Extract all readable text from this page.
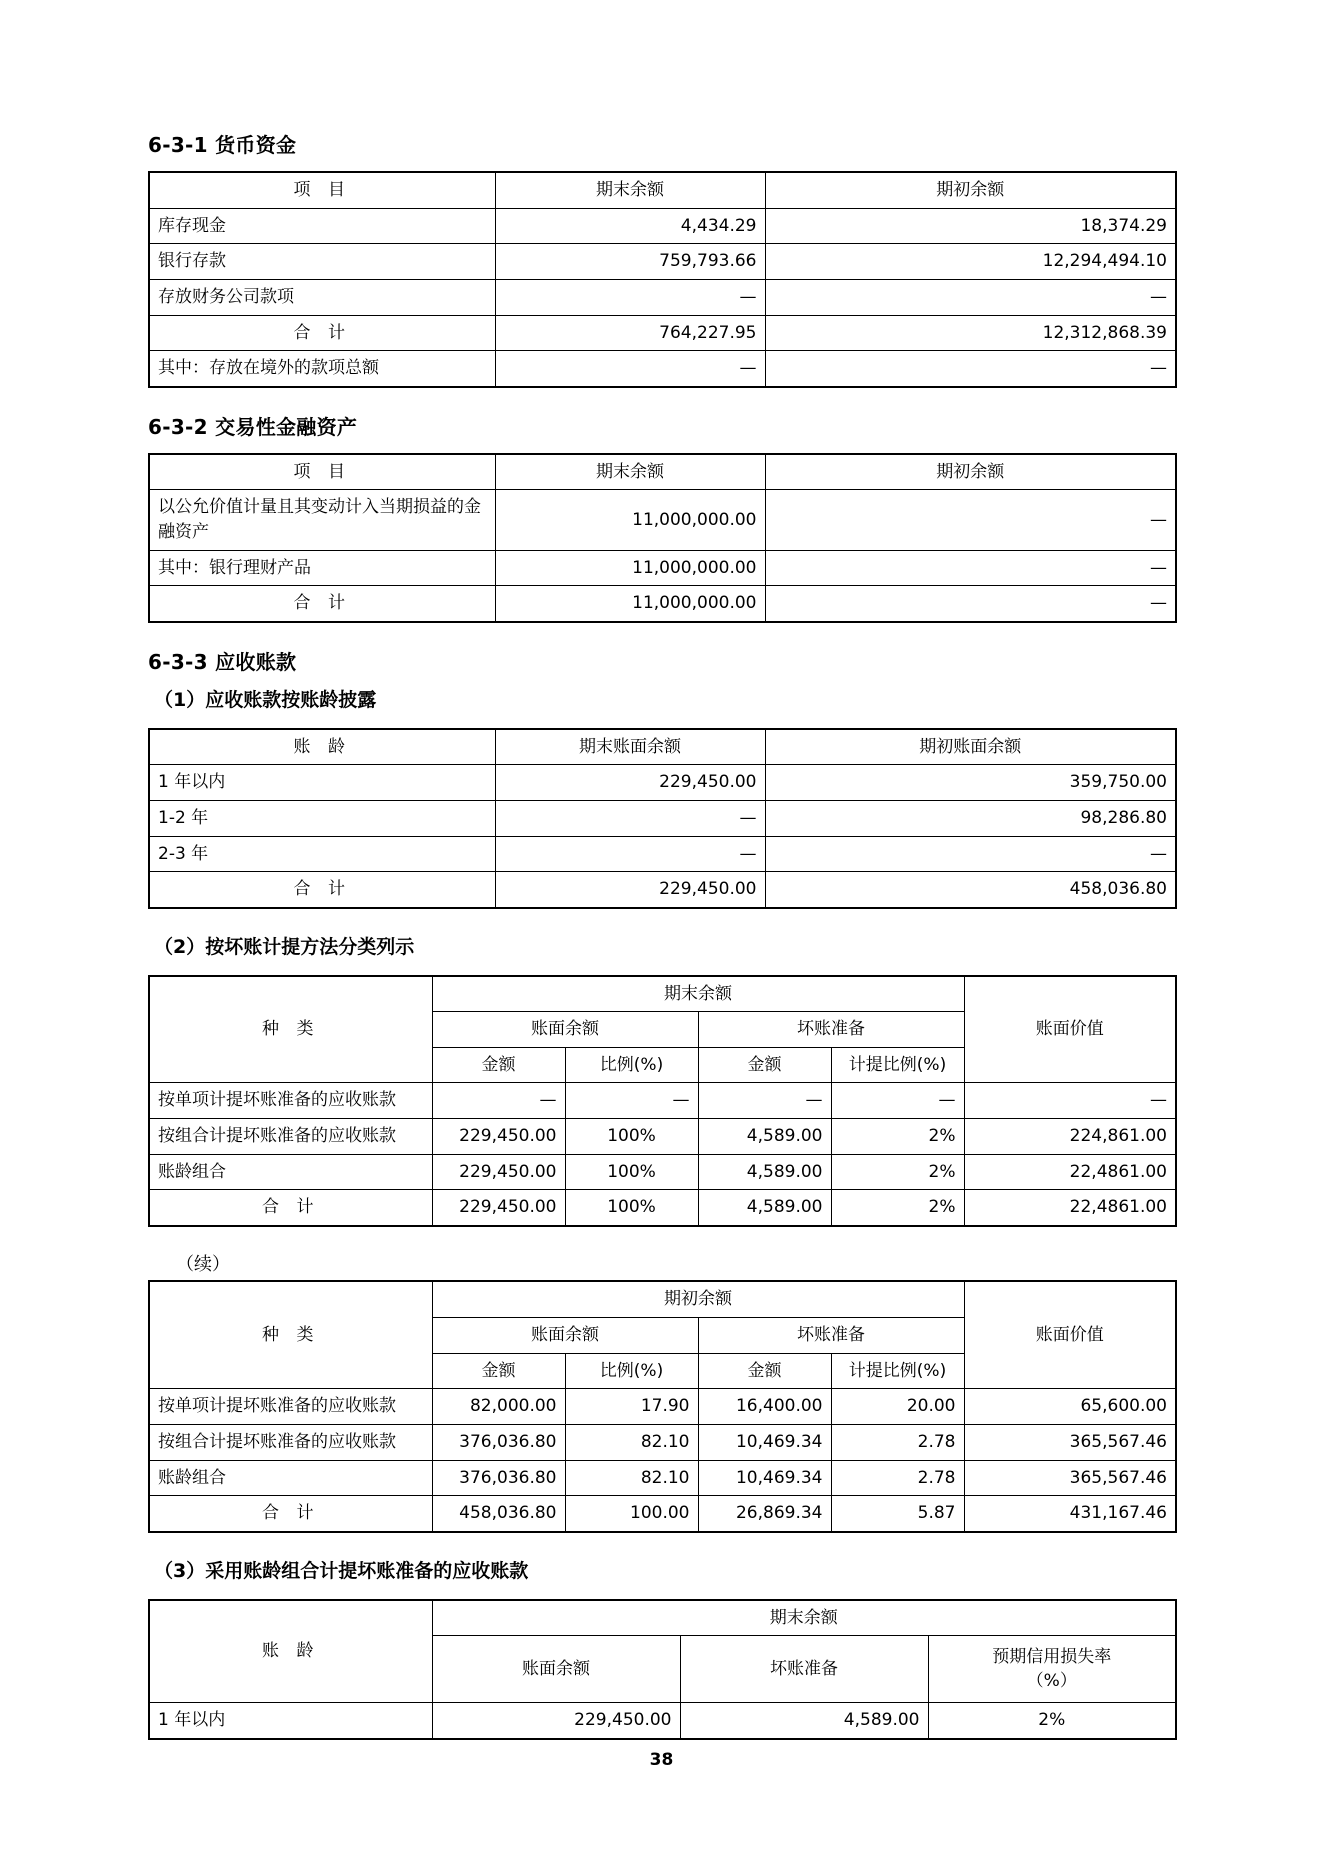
6-3-1 货币资金
项 目	期末余额	期初余额
库存现金	4,434.29	18,374.29
银行存款	759,793.66	12,294,494.10
存放财务公司款项	—	—
合 计	764,227.95	12,312,868.39
其中：存放在境外的款项总额	—	—
6-3-2 交易性金融资产
项 目	期末余额	期初余额
以公允价值计量且其变动计入当期损益的金融资产	11,000,000.00	—
其中：银行理财产品	11,000,000.00	—
合 计	11,000,000.00	—
6-3-3 应收账款

（1）应收账款按账龄披露

账 龄	期末账面余额	期初账面余额
1 年以内	229,450.00	359,750.00
1-2 年	—	98,286.80
2-3 年	—	—
合 计	229,450.00	458,036.80

（2）按坏账计提方法分类列示

种 类	期末余额				账面价值
	账面余额		坏账准备		
	金额	比例(%)	金额	计提比例(%)	
按单项计提坏账准备的应收账款	—	—	—	—	—
按组合计提坏账准备的应收账款	229,450.00	100%	4,589.00	2%	224,861.00
账龄组合	229,450.00	100%	4,589.00	2%	22,4861.00
合 计	229,450.00	100%	4,589.00	2%	22,4861.00

（续）

种 类	期初余额				账面价值
	账面余额		坏账准备		
	金额	比例(%)	金额	计提比例(%)	
按单项计提坏账准备的应收账款	82,000.00	17.90	16,400.00	20.00	65,600.00
按组合计提坏账准备的应收账款	376,036.80	82.10	10,469.34	2.78	365,567.46
账龄组合	376,036.80	82.10	10,469.34	2.78	365,567.46
合 计	458,036.80	100.00	26,869.34	5.87	431,167.46

（3）采用账龄组合计提坏账准备的应收账款

账 龄	期末余额		
	账面余额	坏账准备	预期信用损失率
（%）
1 年以内	229,450.00	4,589.00	2%
38
